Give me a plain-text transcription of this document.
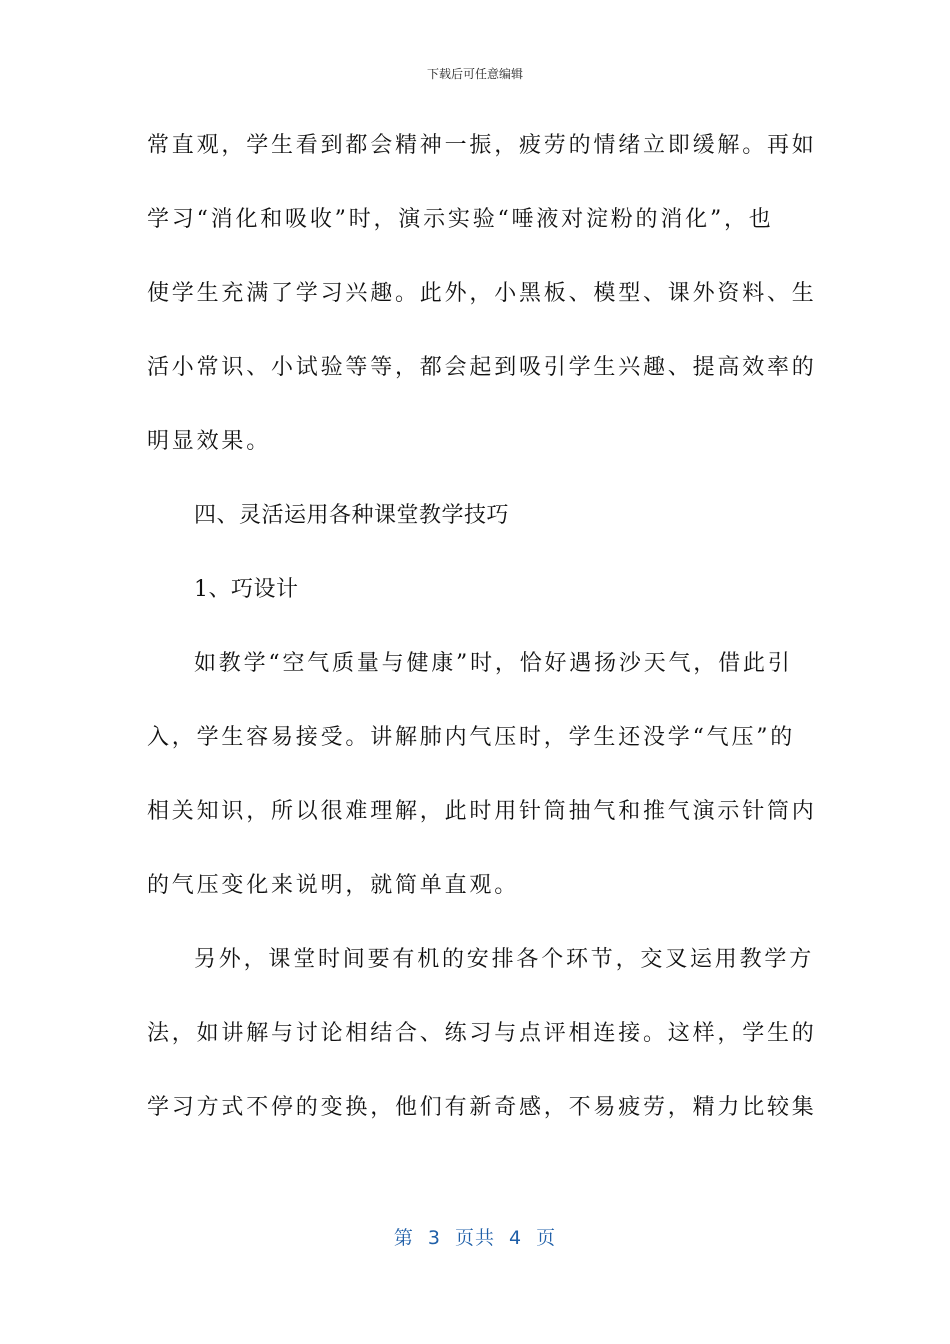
下载后可任意编辑
常直观，学生看到都会精神一振，疲劳的情绪立即缓解。再如
学习“消化和吸收”时，演示实验“唾液对淀粉的消化”，也
使学生充满了学习兴趣。此外，小黑板、模型、课外资料、生
活小常识、小试验等等，都会起到吸引学生兴趣、提高效率的
明显效果。
四、灵活运用各种课堂教学技巧
1、巧设计
如教学“空气质量与健康”时，恰好遇扬沙天气，借此引
入，学生容易接受。讲解肺内气压时，学生还没学“气压”的
相关知识，所以很难理解，此时用针筒抽气和推气演示针筒内
的气压变化来说明，就简单直观。
另外，课堂时间要有机的安排各个环节，交叉运用教学方
法，如讲解与讨论相结合、练习与点评相连接。这样，学生的
学习方式不停的变换，他们有新奇感，不易疲劳，精力比较集
第 3 页共 4 页
